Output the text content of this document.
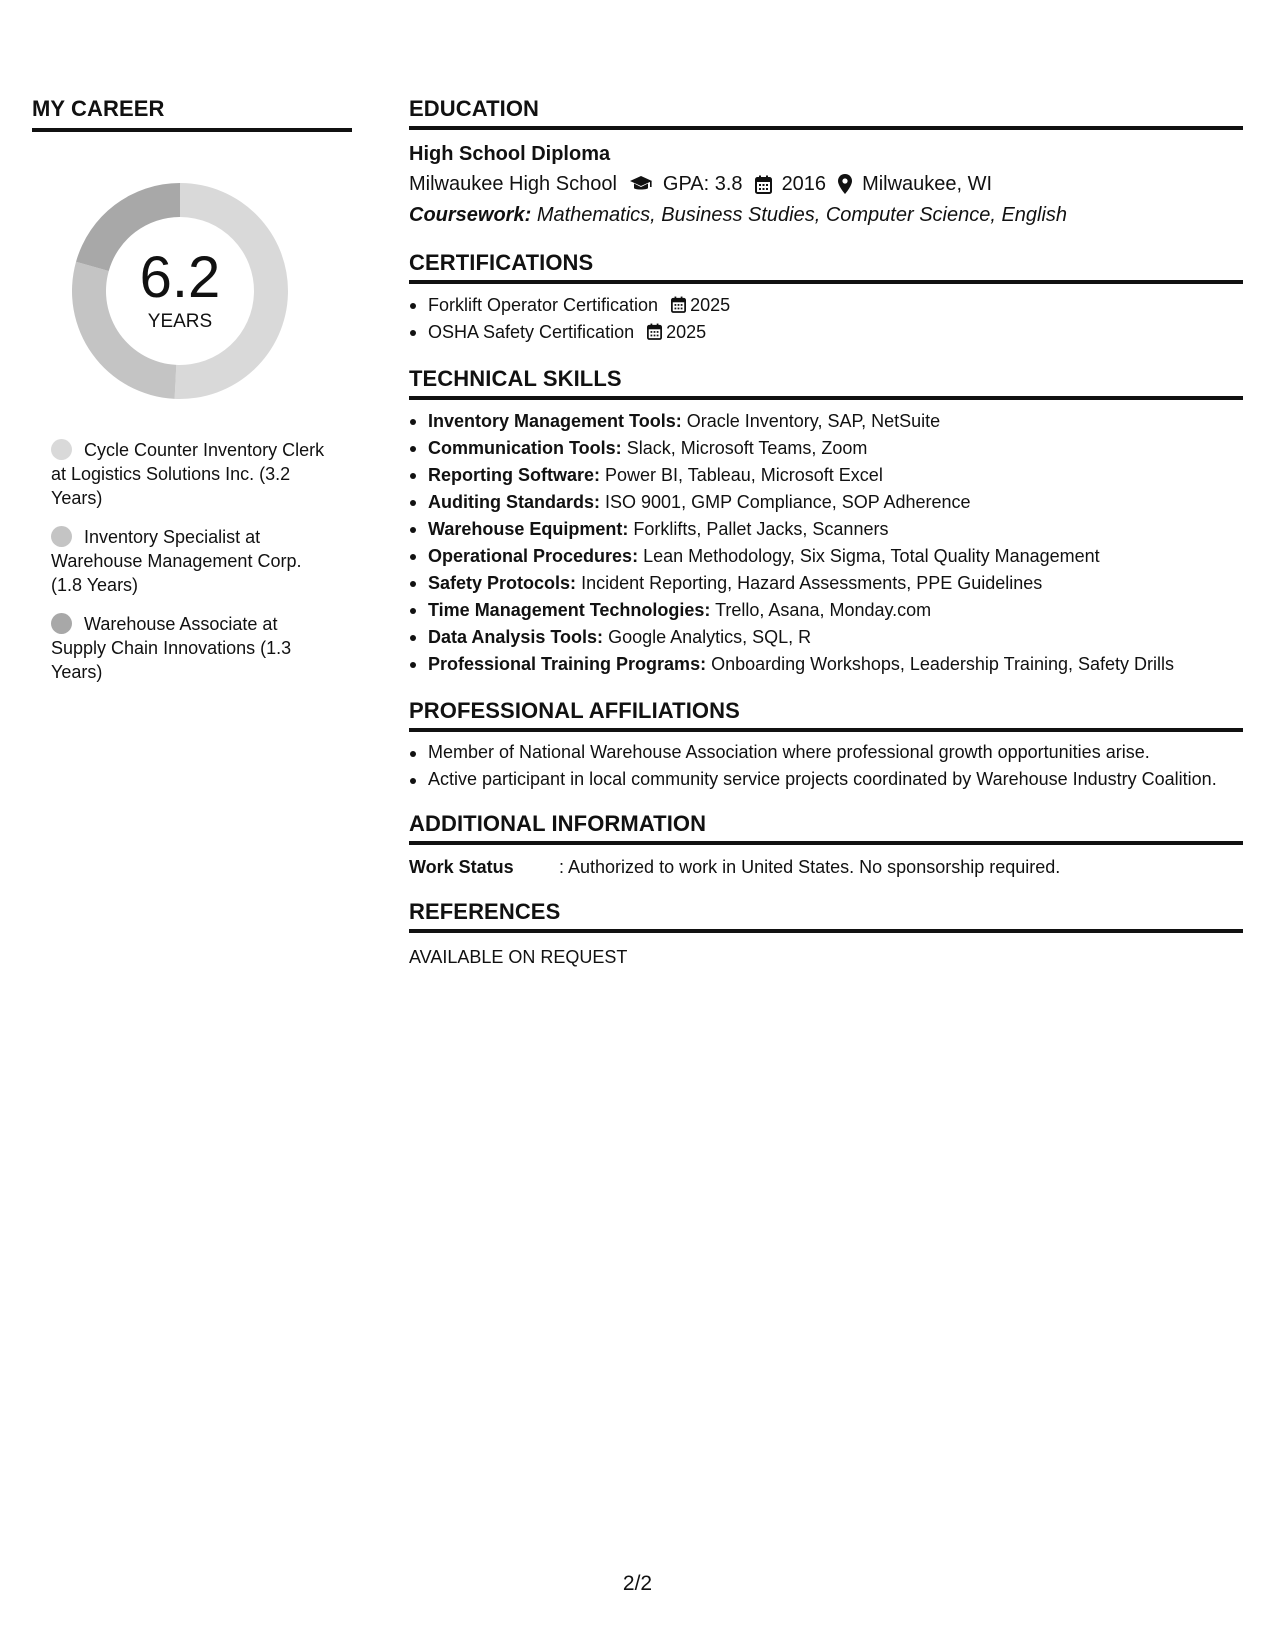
MY CAREER
6.2
YEARS
Cycle Counter Inventory Clerk at Logistics Solutions Inc. (3.2 Years)
Inventory Specialist at Warehouse Management Corp. (1.8 Years)
Warehouse Associate at Supply Chain Innovations (1.3 Years)
EDUCATION
High School Diploma
Milwaukee High School GPA: 3.8 2016 Milwaukee, WI
Coursework: Mathematics, Business Studies, Computer Science, English
CERTIFICATIONS
Forklift Operator Certification 2025
OSHA Safety Certification 2025
TECHNICAL SKILLS
Inventory Management Tools: Oracle Inventory, SAP, NetSuite
Communication Tools: Slack, Microsoft Teams, Zoom
Reporting Software: Power BI, Tableau, Microsoft Excel
Auditing Standards: ISO 9001, GMP Compliance, SOP Adherence
Warehouse Equipment: Forklifts, Pallet Jacks, Scanners
Operational Procedures: Lean Methodology, Six Sigma, Total Quality Management
Safety Protocols: Incident Reporting, Hazard Assessments, PPE Guidelines
Time Management Technologies: Trello, Asana, Monday.com
Data Analysis Tools: Google Analytics, SQL, R
Professional Training Programs: Onboarding Workshops, Leadership Training, Safety Drills
PROFESSIONAL AFFILIATIONS
Member of National Warehouse Association where professional growth opportunities arise.
Active participant in local community service projects coordinated by Warehouse Industry Coalition.
ADDITIONAL INFORMATION
Work Status	: Authorized to work in United States. No sponsorship required.
REFERENCES
AVAILABLE ON REQUEST
2/2
